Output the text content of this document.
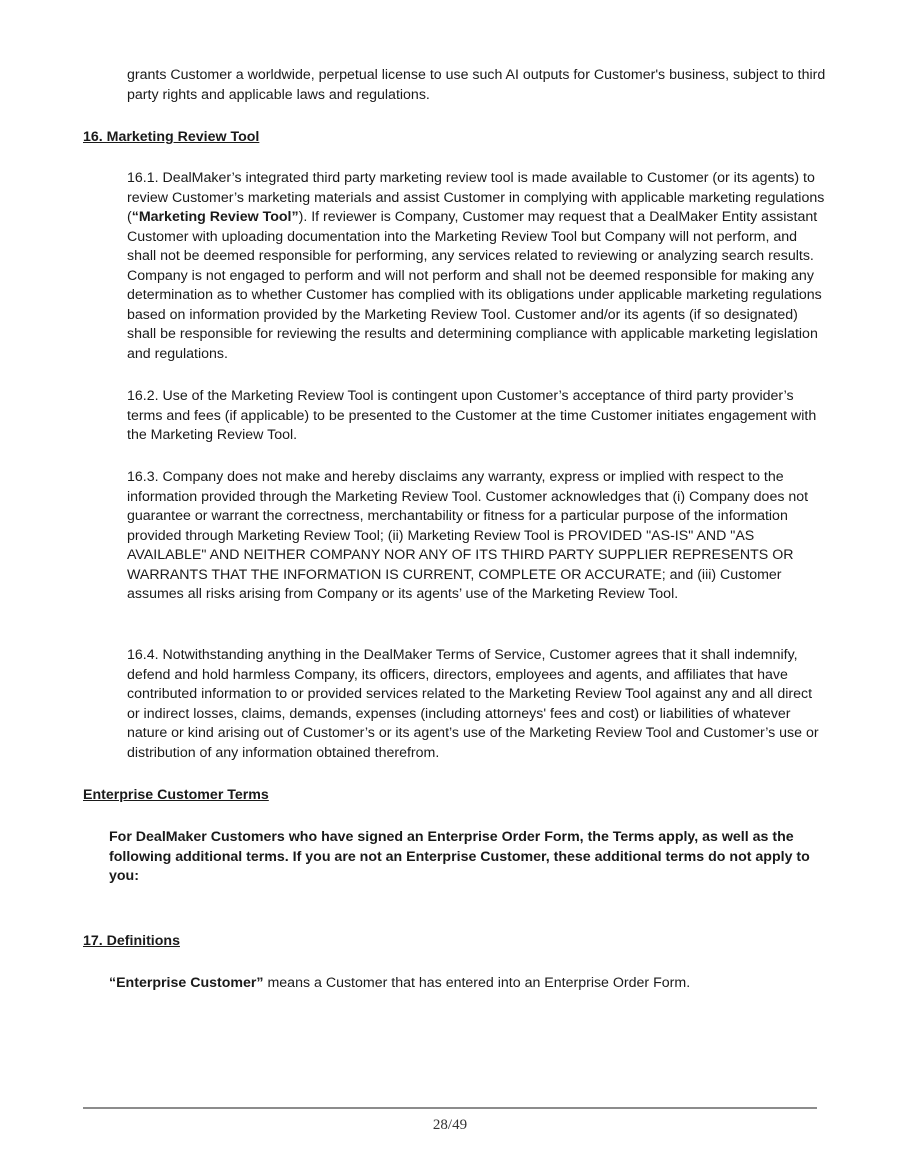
grants Customer a worldwide, perpetual license to use such AI outputs for Customer's business, subject to third party rights and applicable laws and regulations.

16. Marketing Review Tool

16.1. DealMaker’s integrated third party marketing review tool is made available to Customer (or its agents) to review Customer’s marketing materials and assist Customer in complying with applicable marketing regulations (“Marketing Review Tool”). If reviewer is Company, Customer may request that a DealMaker Entity assistant Customer with uploading documentation into the Marketing Review Tool but Company will not perform, and shall not be deemed responsible for performing, any services related to reviewing or analyzing search results. Company is not engaged to perform and will not perform and shall not be deemed responsible for making any determination as to whether Customer has complied with its obligations under applicable marketing regulations based on information provided by the Marketing Review Tool. Customer and/or its agents (if so designated) shall be responsible for reviewing the results and determining compliance with applicable marketing legislation and regulations.

16.2. Use of the Marketing Review Tool is contingent upon Customer’s acceptance of third party provider’s terms and fees (if applicable) to be presented to the Customer at the time Customer initiates engagement with the Marketing Review Tool.

16.3. Company does not make and hereby disclaims any warranty, express or implied with respect to the information provided through the Marketing Review Tool. Customer acknowledges that (i) Company does not guarantee or warrant the correctness, merchantability or fitness for a particular purpose of the information provided through Marketing Review Tool; (ii) Marketing Review Tool is PROVIDED "AS-IS" AND "AS AVAILABLE" AND NEITHER COMPANY NOR ANY OF ITS THIRD PARTY SUPPLIER REPRESENTS OR WARRANTS THAT THE INFORMATION IS CURRENT, COMPLETE OR ACCURATE; and (iii) Customer assumes all risks arising from Company or its agents’ use of the Marketing Review Tool.

16.4. Notwithstanding anything in the DealMaker Terms of Service, Customer agrees that it shall indemnify, defend and hold harmless Company, its officers, directors, employees and agents, and affiliates that have contributed information to or provided services related to the Marketing Review Tool against any and all direct or indirect losses, claims, demands, expenses (including attorneys' fees and cost) or liabilities of whatever nature or kind arising out of Customer’s or its agent’s use of the Marketing Review Tool and Customer’s use or distribution of any information obtained therefrom.

Enterprise Customer Terms

For DealMaker Customers who have signed an Enterprise Order Form, the Terms apply, as well as the following additional terms. If you are not an Enterprise Customer, these additional terms do not apply to you:

17. Definitions

“Enterprise Customer” means a Customer that has entered into an Enterprise Order Form.

28/49
